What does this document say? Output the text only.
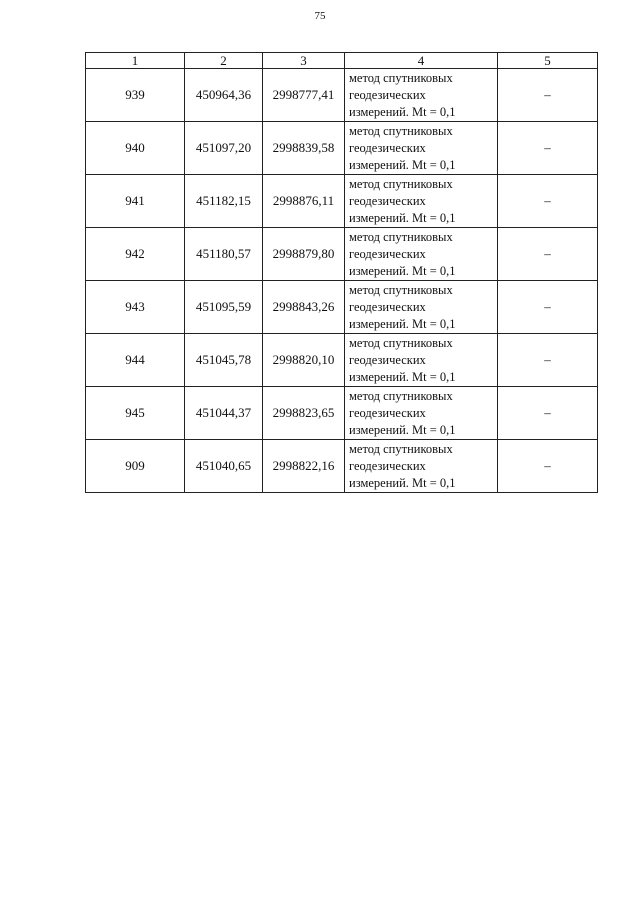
75
1	2	3	4	5
939	450964,36	2998777,41	метод спутниковых
геодезических
измерений. Mt = 0,1	–
940	451097,20	2998839,58	метод спутниковых
геодезических
измерений. Mt = 0,1	–
941	451182,15	2998876,11	метод спутниковых
геодезических
измерений. Mt = 0,1	–
942	451180,57	2998879,80	метод спутниковых
геодезических
измерений. Mt = 0,1	–
943	451095,59	2998843,26	метод спутниковых
геодезических
измерений. Mt = 0,1	–
944	451045,78	2998820,10	метод спутниковых
геодезических
измерений. Mt = 0,1	–
945	451044,37	2998823,65	метод спутниковых
геодезических
измерений. Mt = 0,1	–
909	451040,65	2998822,16	метод спутниковых
геодезических
измерений. Mt = 0,1	–
